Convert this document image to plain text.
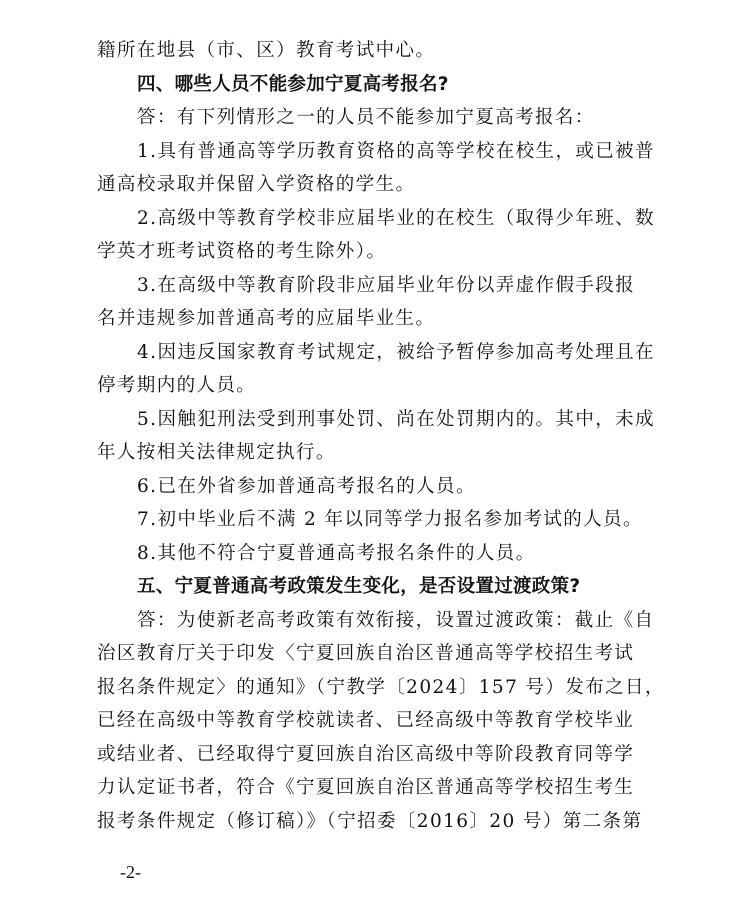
籍所在地县（市、区）教育考试中心。
四、哪些人员不能参加宁夏高考报名?
答：有下列情形之一的人员不能参加宁夏高考报名：
1.具有普通高等学历教育资格的高等学校在校生，或已被普
通高校录取并保留入学资格的学生。
2.高级中等教育学校非应届毕业的在校生（取得少年班、数
学英才班考试资格的考生除外）。
3.在高级中等教育阶段非应届毕业年份以弄虚作假手段报
名并违规参加普通高考的应届毕业生。
4.因违反国家教育考试规定，被给予暂停参加高考处理且在
停考期内的人员。
5.因触犯刑法受到刑事处罚、尚在处罚期内的。其中，未成
年人按相关法律规定执行。
6.已在外省参加普通高考报名的人员。
7.初中毕业后不满 2 年以同等学力报名参加考试的人员。
8.其他不符合宁夏普通高考报名条件的人员。
五、宁夏普通高考政策发生变化，是否设置过渡政策?
答：为使新老高考政策有效衔接，设置过渡政策：截止《自
治区教育厅关于印发〈宁夏回族自治区普通高等学校招生考试
报名条件规定〉的通知》（宁教学〔2024〕157 号）发布之日，
已经在高级中等教育学校就读者、已经高级中等教育学校毕业
或结业者、已经取得宁夏回族自治区高级中等阶段教育同等学
力认定证书者，符合《宁夏回族自治区普通高等学校招生考生
报考条件规定（修订稿）》（宁招委〔2016〕20 号）第二条第
-2-
